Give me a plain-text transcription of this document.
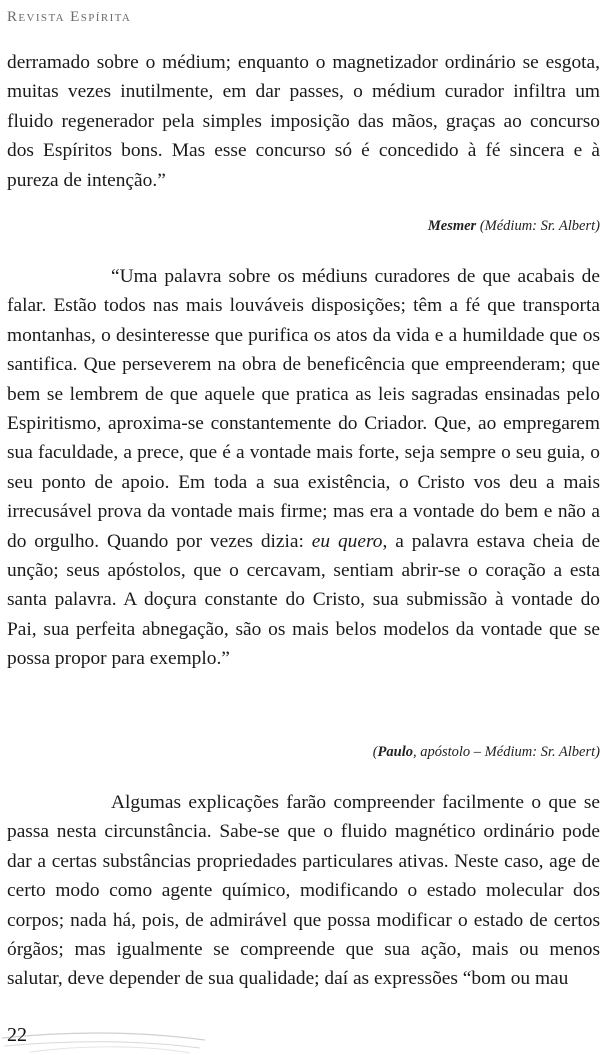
Revista Espírita

derramado sobre o médium; enquanto o magnetizador ordinário se esgota, muitas vezes inutilmente, em dar passes, o médium curador infiltra um fluido regenerador pela simples imposição das mãos, graças ao concurso dos Espíritos bons. Mas esse concurso só é concedido à fé sincera e à pureza de intenção.”

Mesmer (Médium: Sr. Albert)

“Uma palavra sobre os médiuns curadores de que acabais de falar. Estão todos nas mais louváveis disposições; têm a fé que transporta montanhas, o desinteresse que purifica os atos da vida e a humildade que os santifica. Que perseverem na obra de beneficência que empreenderam; que bem se lembrem de que aquele que pratica as leis sagradas ensinadas pelo Espiritismo, aproxima-se constantemente do Criador. Que, ao empregarem sua faculdade, a prece, que é a vontade mais forte, seja sempre o seu guia, o seu ponto de apoio. Em toda a sua existência, o Cristo vos deu a mais irrecusável prova da vontade mais firme; mas era a vontade do bem e não a do orgulho. Quando por vezes dizia: eu quero, a palavra estava cheia de unção; seus apóstolos, que o cercavam, sentiam abrir-se o coração a esta santa palavra. A doçura constante do Cristo, sua submissão à vontade do Pai, sua perfeita abnegação, são os mais belos modelos da vontade que se possa propor para exemplo.”

(Paulo, apóstolo – Médium: Sr. Albert)

Algumas explicações farão compreender facilmente o que se passa nesta circunstância. Sabe-se que o fluido magnético ordinário pode dar a certas substâncias propriedades particulares ativas. Neste caso, age de certo modo como agente químico, modificando o estado molecular dos corpos; nada há, pois, de admirável que possa modificar o estado de certos órgãos; mas igualmente se compreende que sua ação, mais ou menos salutar, deve depender de sua qualidade; daí as expressões “bom ou mau

22
